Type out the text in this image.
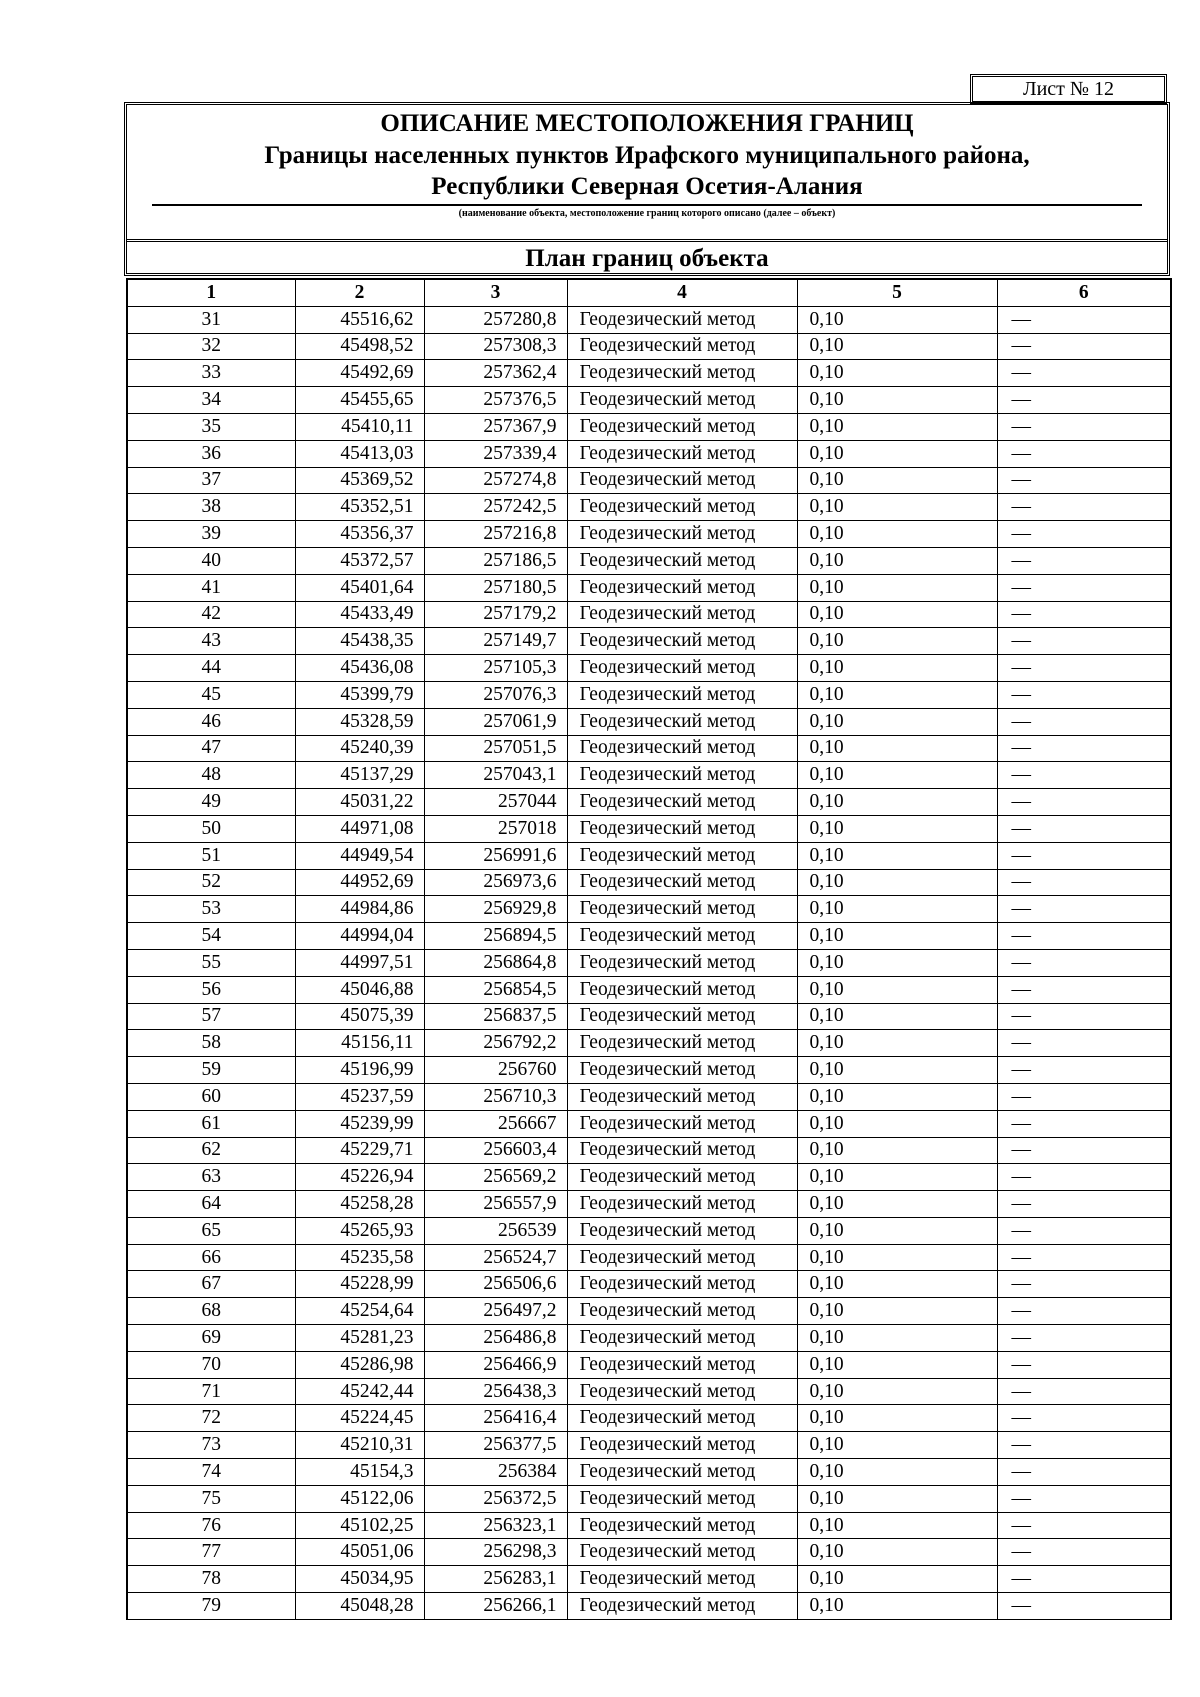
Лист № 12
ОПИСАНИЕ МЕСТОПОЛОЖЕНИЯ ГРАНИЦ
Границы населенных пунктов Ирафского муниципального района,
Республики Северная Осетия-Алания
(наименование объекта, местоположение границ которого описано (далее – объект)
План границ объекта
1	2	3	4	5	6
31	45516,62	257280,8	Геодезический метод	0,10	—
32	45498,52	257308,3	Геодезический метод	0,10	—
33	45492,69	257362,4	Геодезический метод	0,10	—
34	45455,65	257376,5	Геодезический метод	0,10	—
35	45410,11	257367,9	Геодезический метод	0,10	—
36	45413,03	257339,4	Геодезический метод	0,10	—
37	45369,52	257274,8	Геодезический метод	0,10	—
38	45352,51	257242,5	Геодезический метод	0,10	—
39	45356,37	257216,8	Геодезический метод	0,10	—
40	45372,57	257186,5	Геодезический метод	0,10	—
41	45401,64	257180,5	Геодезический метод	0,10	—
42	45433,49	257179,2	Геодезический метод	0,10	—
43	45438,35	257149,7	Геодезический метод	0,10	—
44	45436,08	257105,3	Геодезический метод	0,10	—
45	45399,79	257076,3	Геодезический метод	0,10	—
46	45328,59	257061,9	Геодезический метод	0,10	—
47	45240,39	257051,5	Геодезический метод	0,10	—
48	45137,29	257043,1	Геодезический метод	0,10	—
49	45031,22	257044	Геодезический метод	0,10	—
50	44971,08	257018	Геодезический метод	0,10	—
51	44949,54	256991,6	Геодезический метод	0,10	—
52	44952,69	256973,6	Геодезический метод	0,10	—
53	44984,86	256929,8	Геодезический метод	0,10	—
54	44994,04	256894,5	Геодезический метод	0,10	—
55	44997,51	256864,8	Геодезический метод	0,10	—
56	45046,88	256854,5	Геодезический метод	0,10	—
57	45075,39	256837,5	Геодезический метод	0,10	—
58	45156,11	256792,2	Геодезический метод	0,10	—
59	45196,99	256760	Геодезический метод	0,10	—
60	45237,59	256710,3	Геодезический метод	0,10	—
61	45239,99	256667	Геодезический метод	0,10	—
62	45229,71	256603,4	Геодезический метод	0,10	—
63	45226,94	256569,2	Геодезический метод	0,10	—
64	45258,28	256557,9	Геодезический метод	0,10	—
65	45265,93	256539	Геодезический метод	0,10	—
66	45235,58	256524,7	Геодезический метод	0,10	—
67	45228,99	256506,6	Геодезический метод	0,10	—
68	45254,64	256497,2	Геодезический метод	0,10	—
69	45281,23	256486,8	Геодезический метод	0,10	—
70	45286,98	256466,9	Геодезический метод	0,10	—
71	45242,44	256438,3	Геодезический метод	0,10	—
72	45224,45	256416,4	Геодезический метод	0,10	—
73	45210,31	256377,5	Геодезический метод	0,10	—
74	45154,3	256384	Геодезический метод	0,10	—
75	45122,06	256372,5	Геодезический метод	0,10	—
76	45102,25	256323,1	Геодезический метод	0,10	—
77	45051,06	256298,3	Геодезический метод	0,10	—
78	45034,95	256283,1	Геодезический метод	0,10	—
79	45048,28	256266,1	Геодезический метод	0,10	—
